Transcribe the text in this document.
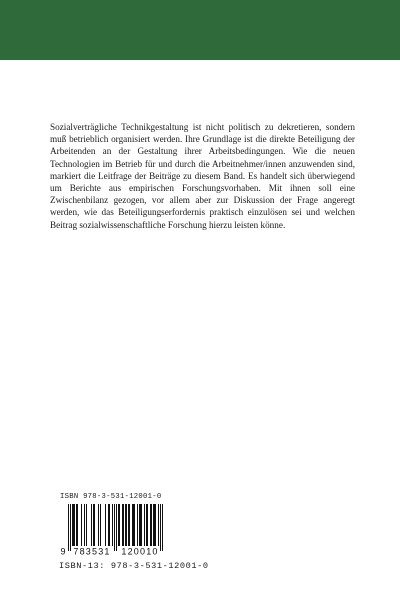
Sozialverträgliche Technikgestaltung ist nicht politisch zu dekretieren, sondern muß betrieblich organisiert werden. Ihre Grundlage ist die direkte Beteiligung der Arbeitenden an der Gestaltung ihrer Arbeitsbedingungen. Wie die neuen Technologien im Betrieb für und durch die Arbeitnehmer/innen anzuwenden sind, markiert die Leitfrage der Beiträge zu diesem Band. Es handelt sich überwiegend um Berichte aus empirischen Forschungsvorhaben. Mit ihnen soll eine Zwischenbilanz gezogen, vor allem aber zur Diskussion der Frage angeregt werden, wie das Beteiligungserfordernis praktisch einzulösen sei und welchen Beitrag sozialwissenschaftliche Forschung hierzu leisten könne.

ISBN 978-3-531-12001-0
9 783531 120010
ISBN-13: 978-3-531-12001-0
